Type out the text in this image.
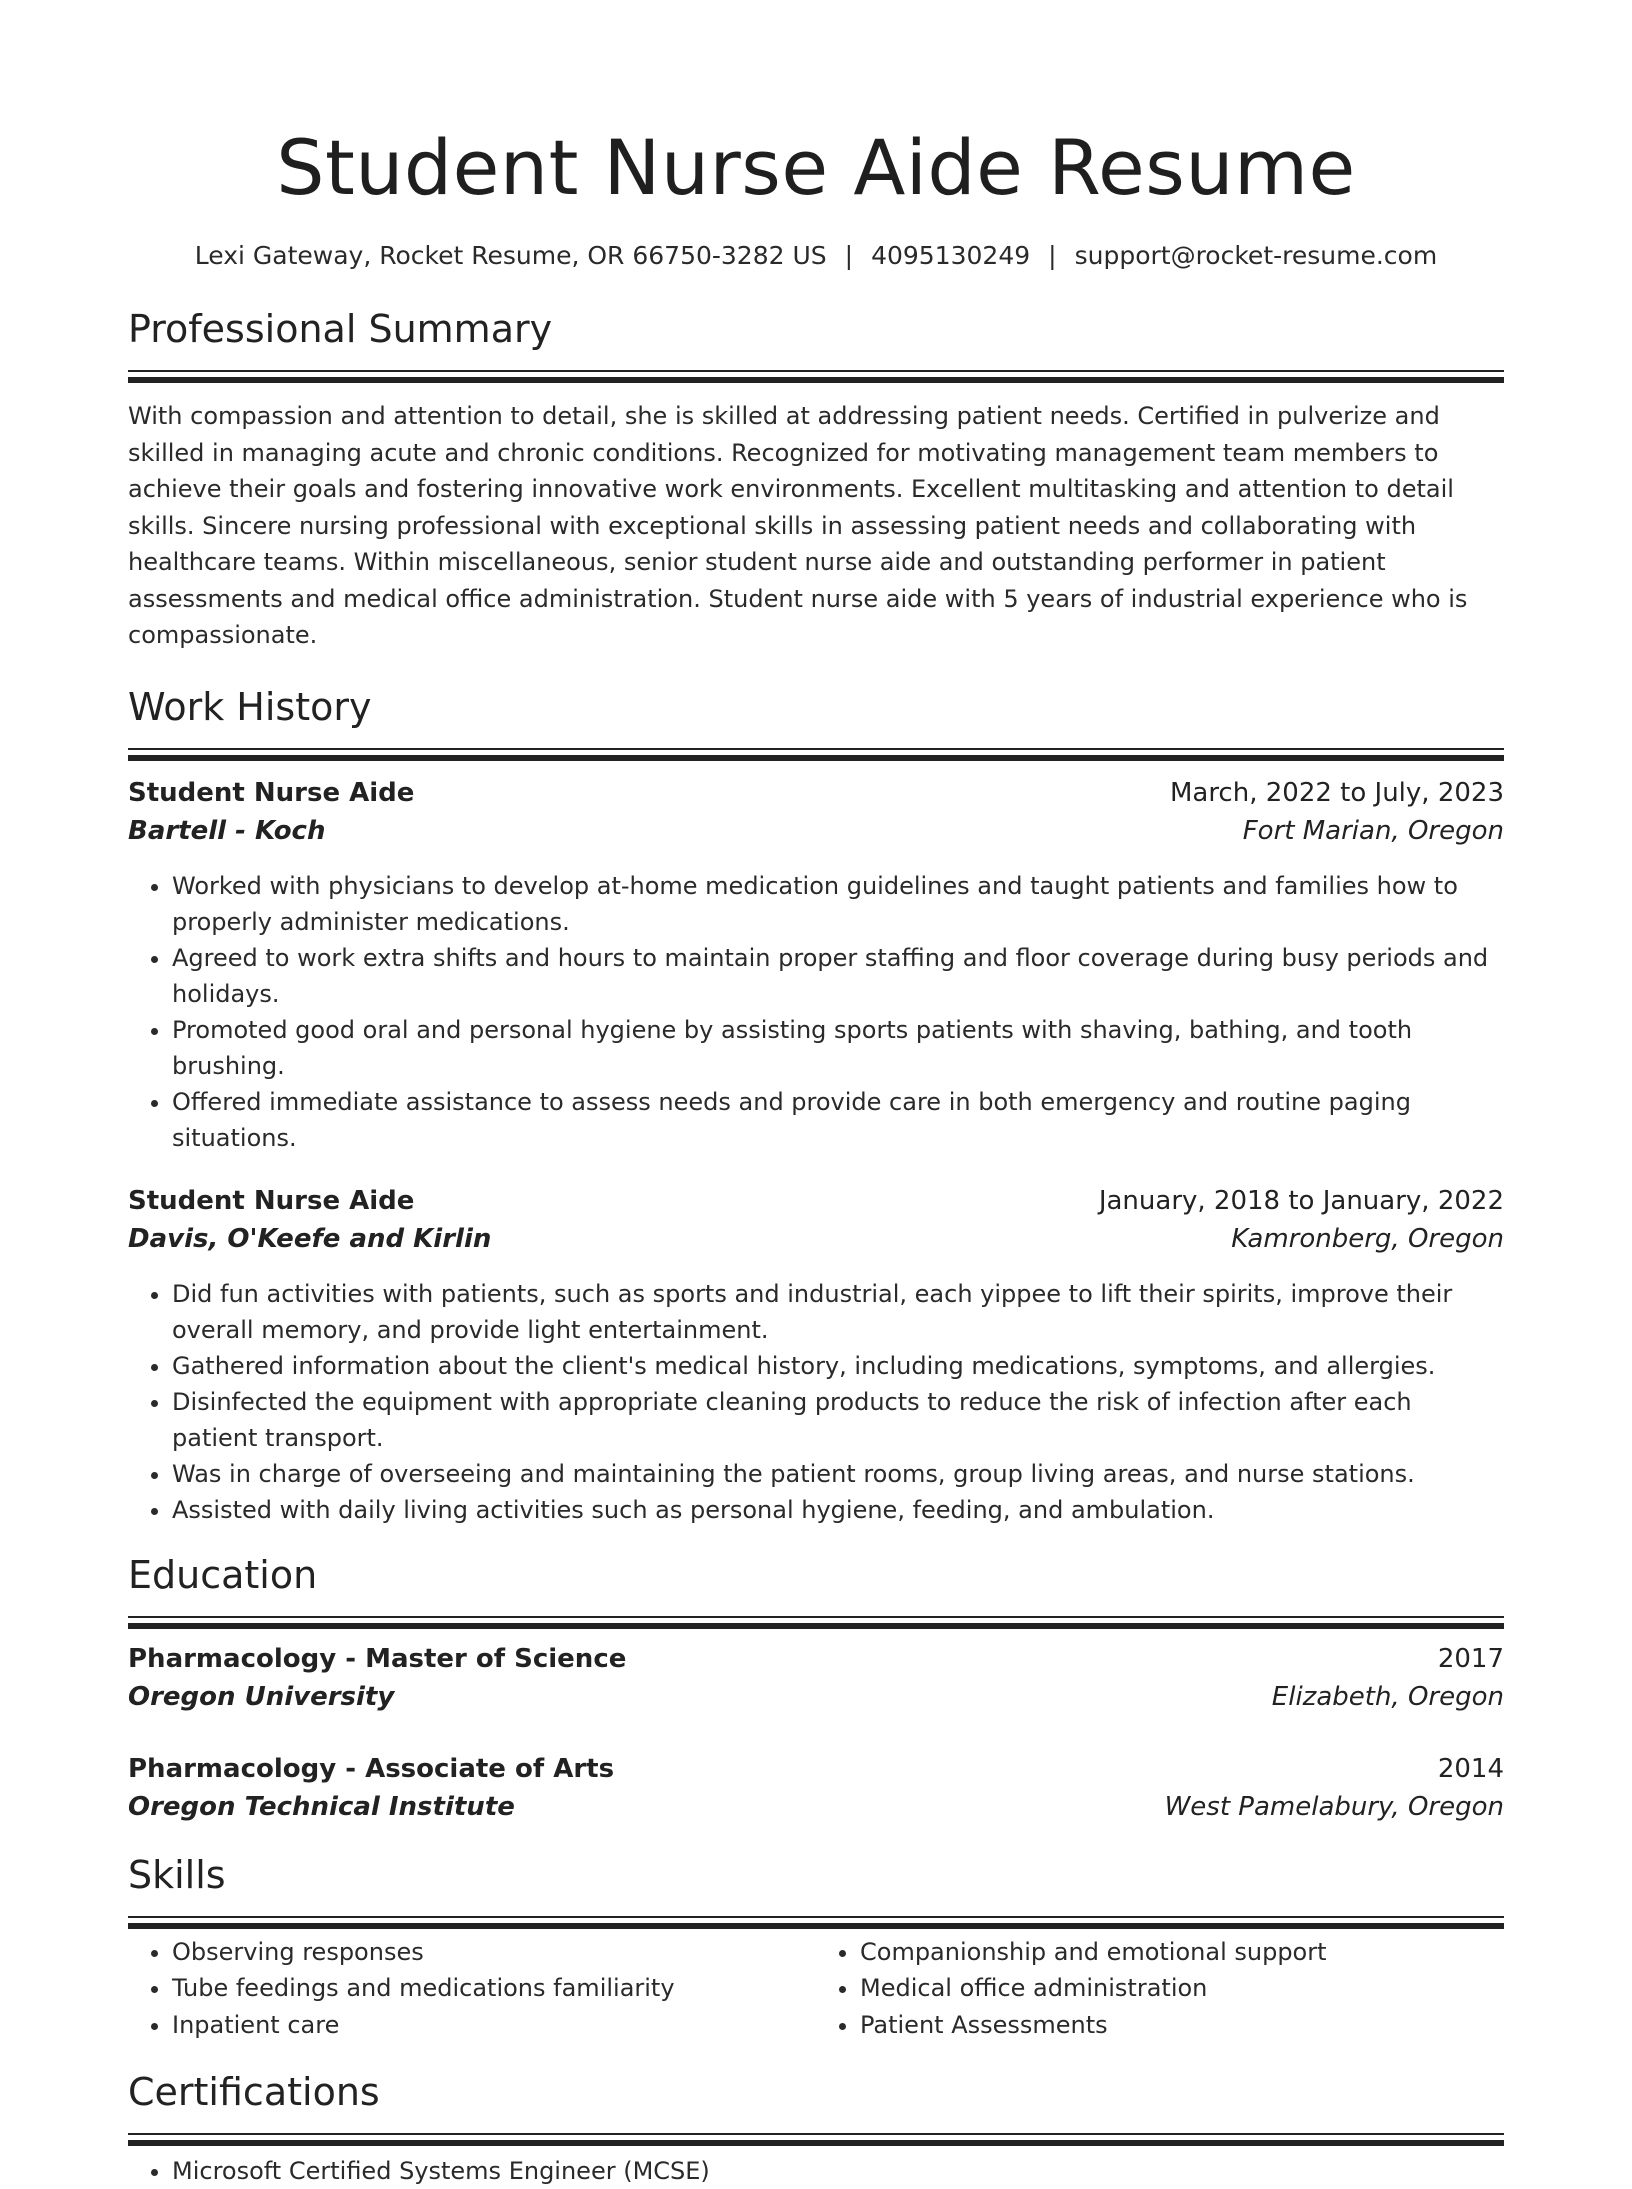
Student Nurse Aide Resume
Lexi Gateway, Rocket Resume, OR 66750-3282 US | 4095130249 | support@rocket-resume.com
Professional Summary

With compassion and attention to detail, she is skilled at addressing patient needs. Certified in pulverize and skilled in managing acute and chronic conditions. Recognized for motivating management team members to achieve their goals and fostering innovative work environments. Excellent multitasking and attention to detail skills. Sincere nursing professional with exceptional skills in assessing patient needs and collaborating with healthcare teams. Within miscellaneous, senior student nurse aide and outstanding performer in patient assessments and medical office administration. Student nurse aide with 5 years of industrial experience who is compassionate.

Work History
Student Nurse Aide	March, 2022 to July, 2023
Bartell - Koch	Fort Marian, Oregon
• Worked with physicians to develop at-home medication guidelines and taught patients and families how to properly administer medications.
• Agreed to work extra shifts and hours to maintain proper staffing and floor coverage during busy periods and holidays.
• Promoted good oral and personal hygiene by assisting sports patients with shaving, bathing, and tooth brushing.
• Offered immediate assistance to assess needs and provide care in both emergency and routine paging situations.
Student Nurse Aide	January, 2018 to January, 2022
Davis, O'Keefe and Kirlin	Kamronberg, Oregon
• Did fun activities with patients, such as sports and industrial, each yippee to lift their spirits, improve their overall memory, and provide light entertainment.
• Gathered information about the client's medical history, including medications, symptoms, and allergies.
• Disinfected the equipment with appropriate cleaning products to reduce the risk of infection after each patient transport.
• Was in charge of overseeing and maintaining the patient rooms, group living areas, and nurse stations.
• Assisted with daily living activities such as personal hygiene, feeding, and ambulation.
Education
Pharmacology - Master of Science	2017
Oregon University	Elizabeth, Oregon
Pharmacology - Associate of Arts	2014
Oregon Technical Institute	West Pamelabury, Oregon
Skills
• Observing responses
• Tube feedings and medications familiarity
• Inpatient care
• Companionship and emotional support
• Medical office administration
• Patient Assessments
Certifications
• Microsoft Certified Systems Engineer (MCSE)
